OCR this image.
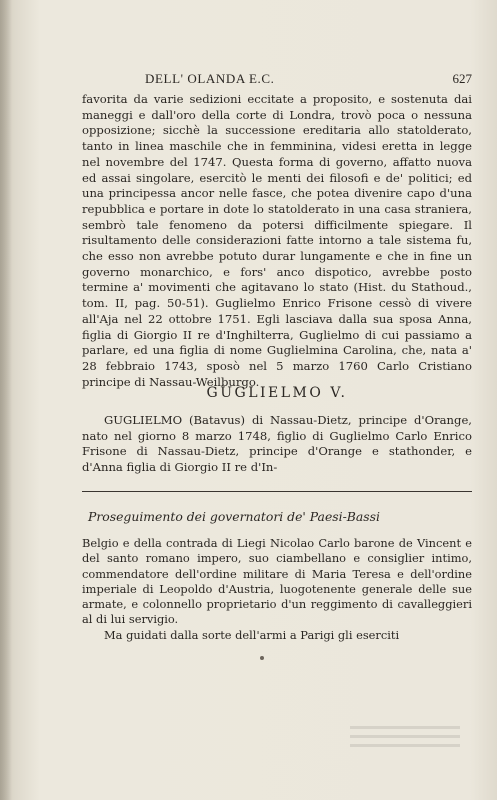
DELL' OLANDA E.C.	627

favorita da varie sedizioni eccitate a proposito, e sostenuta dai maneggi e dall'oro della corte di Londra, trovò poca o nessuna opposizione; sicchè la successione ereditaria allo statolderato, tanto in linea maschile che in femminina, videsi eretta in legge nel novembre del 1747. Questa forma di governo, affatto nuova ed assai singolare, esercitò le menti dei filosofi e de' politici; ed una principessa ancor nelle fasce, che potea divenire capo d'una repubblica e portare in dote lo statolderato in una casa straniera, sembrò tale fenomeno da potersi difficilmente spiegare. Il risultamento delle considerazioni fatte intorno a tale sistema fu, che esso non avrebbe potuto durar lungamente e che in fine un governo monarchico, e fors' anco dispotico, avrebbe posto termine a' movimenti che agitavano lo stato (Hist. du Stathoud., tom. II, pag. 50-51). Guglielmo Enrico Frisone cessò di vivere all'Aja nel 22 ottobre 1751. Egli lasciava dalla sua sposa Anna, figlia di Giorgio II re d'Inghilterra, Guglielmo di cui passiamo a parlare, ed una figlia di nome Guglielmina Carolina, che, nata a' 28 febbraio 1743, sposò nel 5 marzo 1760 Carlo Cristiano principe di Nassau-Weilburgo.

GUGLIELMO V.

GUGLIELMO (Batavus) di Nassau-Dietz, principe d'Orange, nato nel giorno 8 marzo 1748, figlio di Guglielmo Carlo Enrico Frisone di Nassau-Dietz, principe d'Orange e stathonder, e d'Anna figlia di Giorgio II re d'In-

Proseguimento dei governatori de' Paesi-Bassi

Belgio e della contrada di Liegi Nicolao Carlo barone de Vincent e del santo romano impero, suo ciambellano e consiglier intimo, commendatore dell'ordine militare di Maria Teresa e dell'ordine imperiale di Leopoldo d'Austria, luogotenente generale delle sue armate, e colonnello proprietario d'un reggimento di cavalleggieri al di lui servigio.

Ma guidati dalla sorte dell'armi a Parigi gli eserciti
